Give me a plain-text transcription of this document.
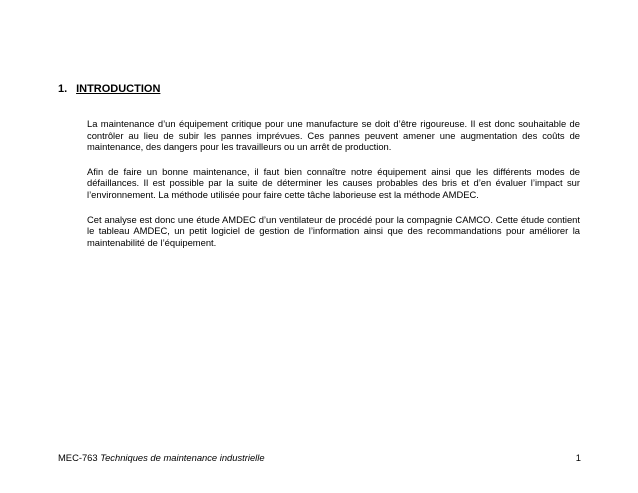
1. INTRODUCTION

La maintenance d’un équipement critique pour une manufacture se doit d’être rigoureuse. Il est donc souhaitable de contrôler au lieu de subir les pannes imprévues. Ces pannes peuvent amener une augmentation des coûts de maintenance, des dangers pour les travailleurs ou un arrêt de production.

Afin de faire un bonne maintenance, il faut bien connaître notre équipement ainsi que les différents modes de défaillances. Il est possible par la suite de déterminer les causes probables des bris et d’en évaluer l’impact sur l’environnement. La méthode utilisée pour faire cette tâche laborieuse est la méthode AMDEC.

Cet analyse est donc une étude AMDEC d’un ventilateur de procédé pour la compagnie CAMCO. Cette étude contient le tableau AMDEC, un petit logiciel de gestion de l’information ainsi que des recommandations pour améliorer la maintenabilité de l’équipement.

MEC-763 Techniques de maintenance industrielle	1
